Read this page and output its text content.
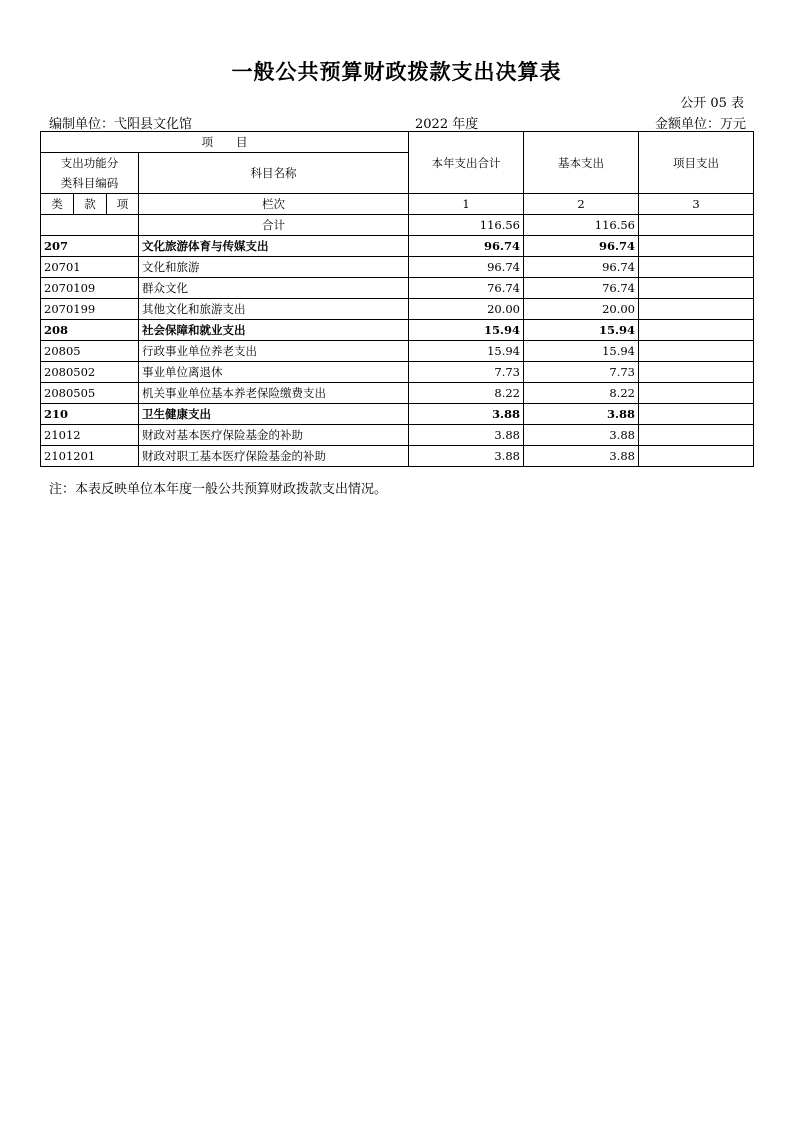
一般公共预算财政拨款支出决算表
公开 05 表
编制单位：弋阳县文化馆	2022 年度	金额单位：万元
项　　目				本年支出合计	基本支出	项目支出

支出功能分
类科目编码			科目名称			
类	款	项				
			栏次	1	2	3
			合计	116.56	116.56	
207			文化旅游体育与传媒支出	96.74	96.74	
20701			文化和旅游	96.74	96.74	
2070109			群众文化	76.74	76.74	
2070199			其他文化和旅游支出	20.00	20.00	
208			社会保障和就业支出	15.94	15.94	
20805			行政事业单位养老支出	15.94	15.94	
2080502			事业单位离退休	7.73	7.73	
2080505			机关事业单位基本养老保险缴费支出	8.22	8.22	
210			卫生健康支出	3.88	3.88	
21012			财政对基本医疗保险基金的补助	3.88	3.88	
2101201			财政对职工基本医疗保险基金的补助	3.88	3.88	
注：本表反映单位本年度一般公共预算财政拨款支出情况。
